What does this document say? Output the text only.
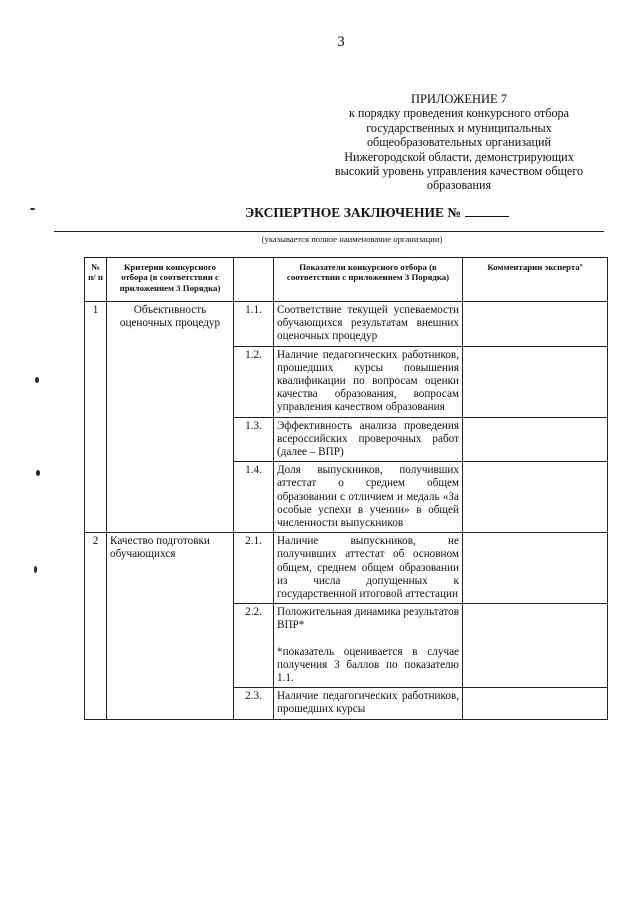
3
ПРИЛОЖЕНИЕ 7
к порядку проведения конкурсного отбора
государственных и муниципальных
общеобразовательных организаций
Нижегородской области, демонстрирующих
высокий уровень управления качеством общего
образования
ЭКСПЕРТНОЕ ЗАКЛЮЧЕНИЕ №
(указывается полное наименование организации)
№ п/ п	Критерии конкурсного отбора (в соответствии с приложением 3 Порядка)		Показатели конкурсного отбора (в соответствии с приложением 3 Порядка)	Комментарии эксперта*
1	Объективность оценочных процедур	1.1.	Соответствие текущей успеваемости обучающихся результатам внешних оценочных процедур	
		1.2.	Наличие педагогических работников, прошедших курсы повышения квалификации по вопросам оценки качества образования, вопросам управления качеством образования	
		1.3.	Эффективность анализа проведения всероссийских проверочных работ (далее – ВПР)	
		1.4.	Доля выпускников, получивших аттестат о среднем общем образовании с отличием и медаль «За особые успехи в учении» в общей численности выпускников	
2	Качество подготовки обучающихся	2.1.	Наличие выпускников, не получивших аттестат об основном общем, среднем общем образовании из числа допущенных к государственной итоговой аттестации	
		2.2.	Положительная динамика результатов ВПР*
*показатель оценивается в случае получения 3 баллов по показателю 1.1.	

		2.3.	Наличие педагогических работников, прошедших курсы	
